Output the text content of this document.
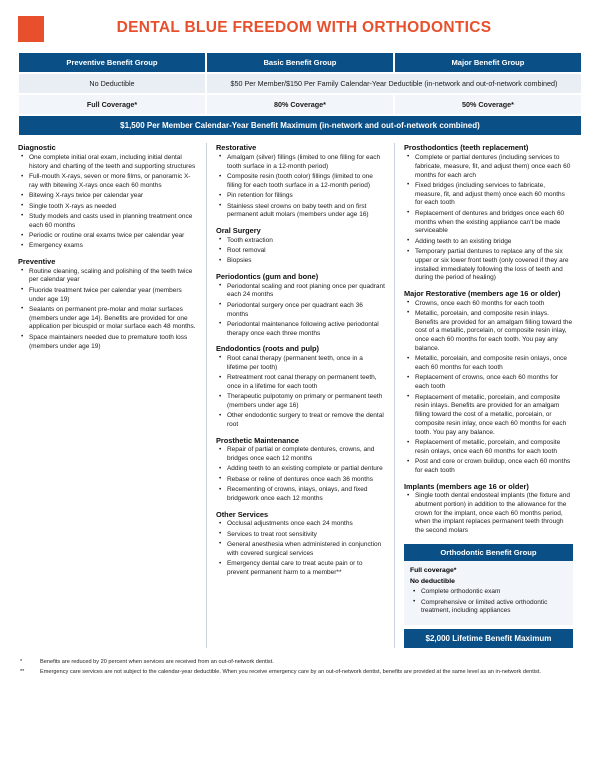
DENTAL BLUE FREEDOM WITH ORTHODONTICS
Preventive Benefit Group	Basic Benefit Group	Major Benefit Group
No Deductible	$50 Per Member/$150 Per Family Calendar-Year Deductible (in-network and out-of-network combined)
Full Coverage*	80% Coverage*	50% Coverage*
$1,500 Per Member Calendar-Year Benefit Maximum (in-network and out-of-network combined)
Diagnostic
• One complete initial oral exam, including initial dental history and charting of the teeth and supporting structures
• Full-mouth X-rays, seven or more films, or panoramic X-ray with bitewing X-rays once each 60 months
• Bitewing X-rays twice per calendar year
• Single tooth X-rays as needed
• Study models and casts used in planning treatment once each 60 months
• Periodic or routine oral exams twice per calendar year
• Emergency exams
Preventive
• Routine cleaning, scaling and polishing of the teeth twice per calendar year
• Fluoride treatment twice per calendar year (members under age 19)
• Sealants on permanent pre-molar and molar surfaces (members under age 14). Benefits are provided for one application per bicuspid or molar surface each 48 months.
• Space maintainers needed due to premature tooth loss (members under age 19)
Restorative
• Amalgam (silver) fillings (limited to one filling for each tooth surface in a 12-month period)
• Composite resin (tooth color) fillings (limited to one filling for each tooth surface in a 12-month period)
• Pin retention for fillings
• Stainless steel crowns on baby teeth and on first permanent adult molars (members under age 16)
Oral Surgery
• Tooth extraction
• Root removal
• Biopsies
Periodontics (gum and bone)
• Periodontal scaling and root planing once per quadrant each 24 months
• Periodontal surgery once per quadrant each 36 months
• Periodontal maintenance following active periodontal therapy once each three months
Endodontics (roots and pulp)
• Root canal therapy (permanent teeth, once in a lifetime per tooth)
• Retreatment root canal therapy on permanent teeth, once in a lifetime for each tooth
• Therapeutic pulpotomy on primary or permanent teeth (members under age 16)
• Other endodontic surgery to treat or remove the dental root
Prosthetic Maintenance
• Repair of partial or complete dentures, crowns, and bridges once each 12 months
• Adding teeth to an existing complete or partial denture
• Rebase or reline of dentures once each 36 months
• Recementing of crowns, inlays, onlays, and fixed bridgework once each 12 months
Other Services
• Occlusal adjustments once each 24 months
• Services to treat root sensitivity
• General anesthesia when administered in conjunction with covered surgical services
• Emergency dental care to treat acute pain or to prevent permanent harm to a member**
Prosthodontics (teeth replacement)
• Complete or partial dentures (including services to fabricate, measure, fit, and adjust them) once each 60 months for each arch
• Fixed bridges (including services to fabricate, measure, fit, and adjust them) once each 60 months for each tooth
• Replacement of dentures and bridges once each 60 months when the existing appliance can't be made serviceable
• Adding teeth to an existing bridge
• Temporary partial dentures to replace any of the six upper or six lower front teeth (only covered if they are installed immediately following the loss of teeth and during the period of healing)
Major Restorative (members age 16 or older)
• Crowns, once each 60 months for each tooth
• Metallic, porcelain, and composite resin inlays. Benefits are provided for an amalgam filling toward the cost of a metallic, porcelain, or composite resin inlay, once each 60 months for each tooth. You pay any balance.
• Metallic, porcelain, and composite resin onlays, once each 60 months for each tooth
• Replacement of crowns, once each 60 months for each tooth
• Replacement of metallic, porcelain, and composite resin inlays. Benefits are provided for an amalgam filling toward the cost of a metallic, porcelain, or composite resin inlay, once each 60 months for each tooth. You pay any balance.
• Replacement of metallic, porcelain, and composite resin onlays, once each 60 months for each tooth
• Post and core or crown buildup, once each 60 months for each tooth
Implants (members age 16 or older)
• Single tooth dental endosteal implants (the fixture and abutment portion) in addition to the allowance for the crown for the implant, once each 60 months period, when the implant replaces permanent teeth through the second molars
Orthodontic Benefit Group
Full coverage*
No deductible
• Complete orthodontic exam
• Comprehensive or limited active orthodontic treatment, including appliances
$2,000 Lifetime Benefit Maximum
*	Benefits are reduced by 20 percent when services are received from an out-of-network dentist.
**	Emergency care services are not subject to the calendar-year deductible. When you receive emergency care by an out-of-network dentist, benefits are provided at the same level as an in-network dentist.
